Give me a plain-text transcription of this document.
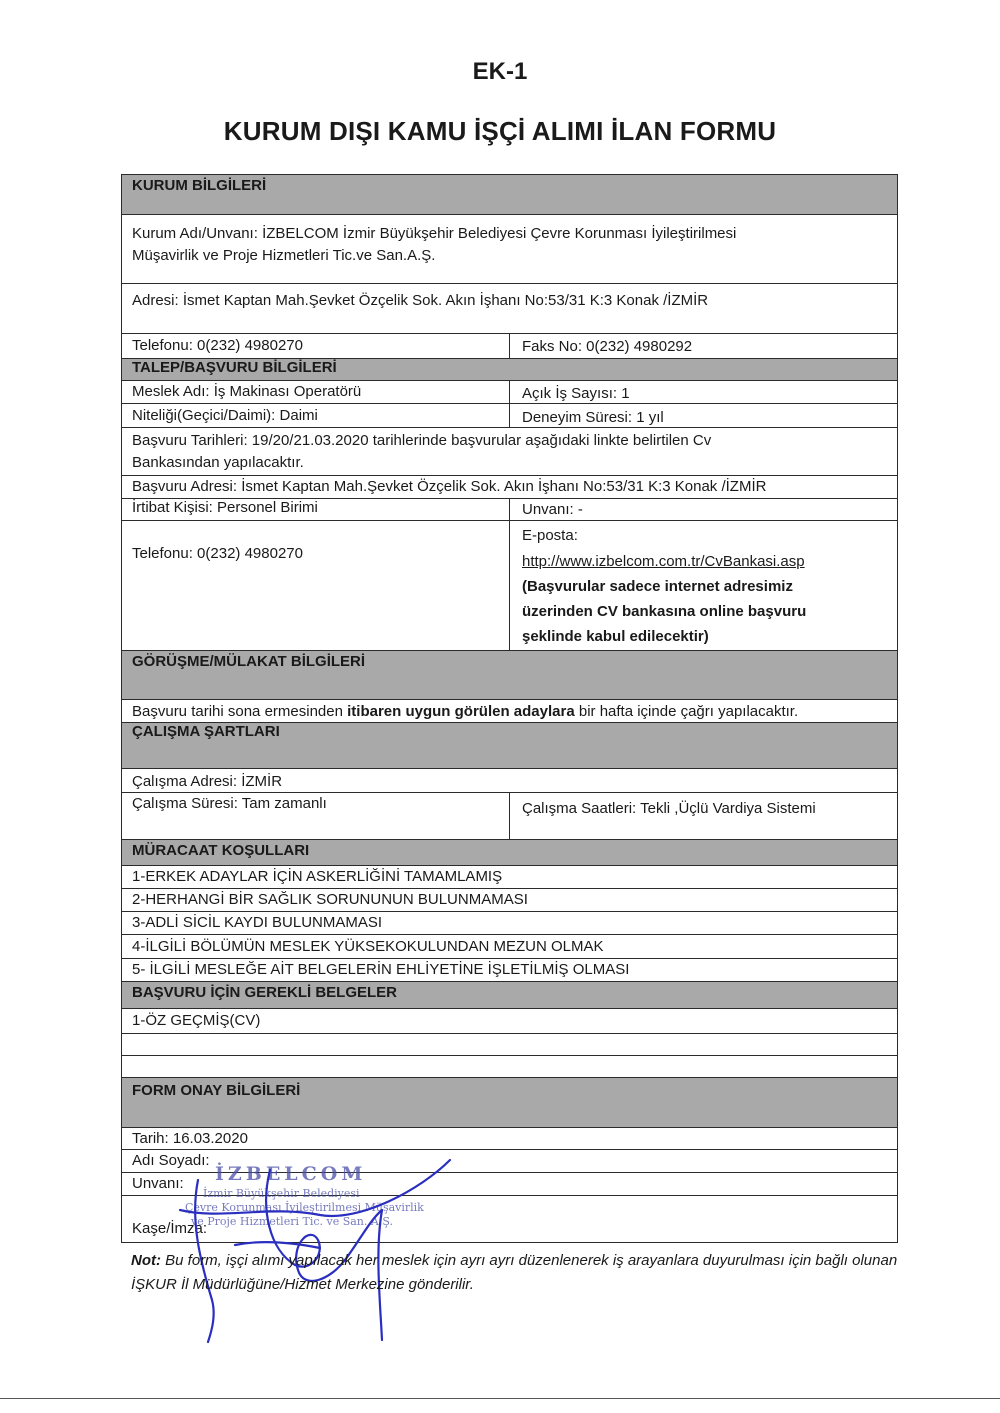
EK-1
KURUM DIŞI KAMU İŞÇİ ALIMI İLAN FORMU
KURUM BİLGİLERİ
Kurum Adı/Unvanı: İZBELCOM İzmir Büyükşehir Belediyesi Çevre Korunması İyileştirilmesi
Müşavirlik ve Proje Hizmetleri Tic.ve San.A.Ş.
Adresi: İsmet Kaptan Mah.Şevket Özçelik Sok. Akın İşhanı No:53/31 K:3 Konak /İZMİR
Telefonu: 0(232) 4980270	Faks No: 0(232) 4980292
TALEP/BAŞVURU BİLGİLERİ
Meslek Adı: İş Makinası Operatörü	Açık İş Sayısı: 1
Niteliği(Geçici/Daimi): Daimi	Deneyim Süresi: 1 yıl
Başvuru Tarihleri: 19/20/21.03.2020 tarihlerinde başvurular aşağıdaki linkte belirtilen Cv
Bankasından yapılacaktır.
Başvuru Adresi: İsmet Kaptan Mah.Şevket Özçelik Sok. Akın İşhanı No:53/31 K:3 Konak /İZMİR
İrtibat Kişisi: Personel Birimi	Unvanı: -
Telefonu: 0(232) 4980270
E-posta:
http://www.izbelcom.com.tr/CvBankasi.asp
(Başvurular sadece internet adresimiz
üzerinden CV bankasına online başvuru
şeklinde kabul edilecektir)
GÖRÜŞME/MÜLAKAT BİLGİLERİ
Başvuru tarihi sona ermesinden itibaren uygun görülen adaylara bir hafta içinde çağrı yapılacaktır.
ÇALIŞMA ŞARTLARI
Çalışma Adresi: İZMİR
Çalışma Süresi: Tam zamanlı	Çalışma Saatleri: Tekli ,Üçlü Vardiya Sistemi
MÜRACAAT KOŞULLARI
1-ERKEK ADAYLAR İÇİN ASKERLİĞİNİ TAMAMLAMIŞ
2-HERHANGİ BİR SAĞLIK SORUNUNUN BULUNMAMASI
3-ADLİ SİCİL KAYDI BULUNMAMASI
4-İLGİLİ BÖLÜMÜN MESLEK YÜKSEKOKULUNDAN MEZUN OLMAK
5- İLGİLİ MESLEĞE AİT BELGELERİN EHLİYETİNE İŞLETİLMİŞ OLMASI
BAŞVURU İÇİN GEREKLİ BELGELER
1-ÖZ GEÇMİŞ(CV)
FORM ONAY BİLGİLERİ
Tarih: 16.03.2020
Adı Soyadı:
Unvanı:
Kaşe/İmza:
İZBELCOM
İzmir Büyükşehir Belediyesi
Çevre Korunması İyileştirilmesi Müşavirlik
ve Proje Hizmetleri Tic. ve San. A.Ş.
Not: Bu form, işçi alımı yapılacak her meslek için ayrı ayrı düzenlenerek iş arayanlara duyurulması için bağlı olunan İŞKUR İl Müdürlüğüne/Hizmet Merkezine gönderilir.
